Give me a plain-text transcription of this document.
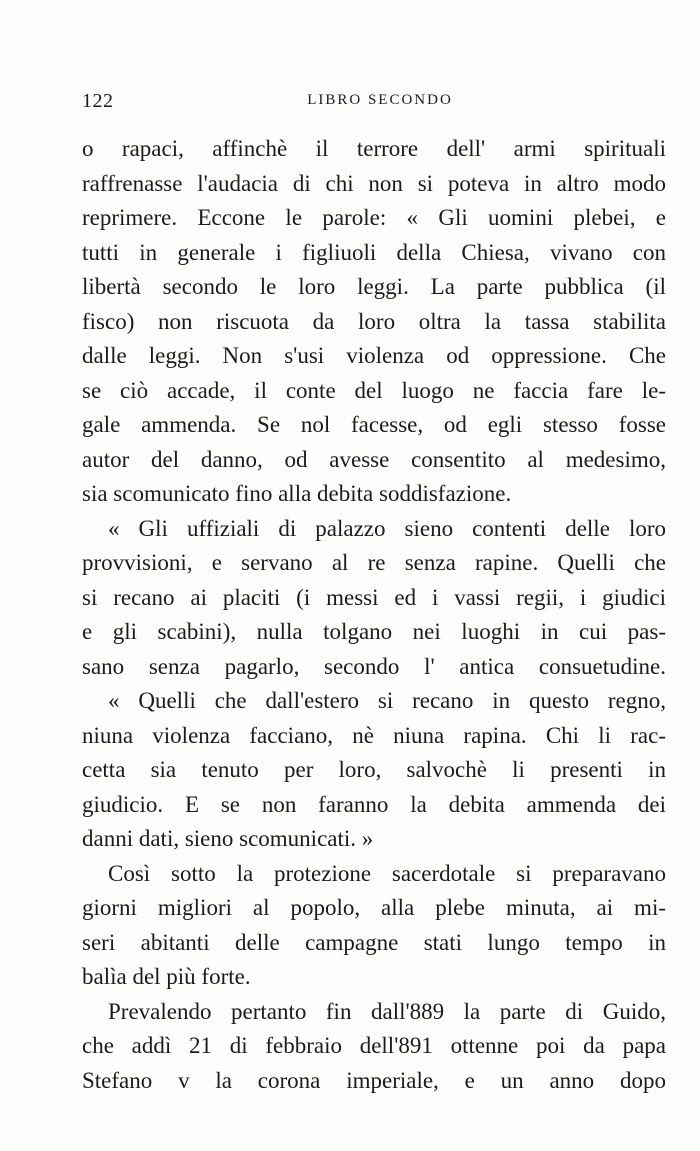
122	LIBRO SECONDO
o rapaci, affinchè il terrore dell' armi spirituali
raffrenasse l'audacia di chi non si poteva in altro modo
reprimere. Eccone le parole: « Gli uomini plebei, e
tutti in generale i figliuoli della Chiesa, vivano con
libertà secondo le loro leggi. La parte pubblica (il
fisco) non riscuota da loro oltra la tassa stabilita
dalle leggi. Non s'usi violenza od oppressione. Che
se ciò accade, il conte del luogo ne faccia fare le-
gale ammenda. Se nol facesse, od egli stesso fosse
autor del danno, od avesse consentito al medesimo,
sia scomunicato fino alla debita soddisfazione.
« Gli uffiziali di palazzo sieno contenti delle loro
provvisioni, e servano al re senza rapine. Quelli che
si recano ai placiti (i messi ed i vassi regii, i giudici
e gli scabini), nulla tolgano nei luoghi in cui pas-
sano senza pagarlo, secondo l' antica consuetudine.
« Quelli che dall'estero si recano in questo regno,
niuna violenza facciano, nè niuna rapina. Chi li rac-
cetta sia tenuto per loro, salvochè li presenti in
giudicio. E se non faranno la debita ammenda dei
danni dati, sieno scomunicati. »
Così sotto la protezione sacerdotale si preparavano
giorni migliori al popolo, alla plebe minuta, ai mi-
seri abitanti delle campagne stati lungo tempo in
balìa del più forte.
Prevalendo pertanto fin dall'889 la parte di Guido,
che addì 21 di febbraio dell'891 ottenne poi da papa
Stefano v la corona imperiale, e un anno dopo
